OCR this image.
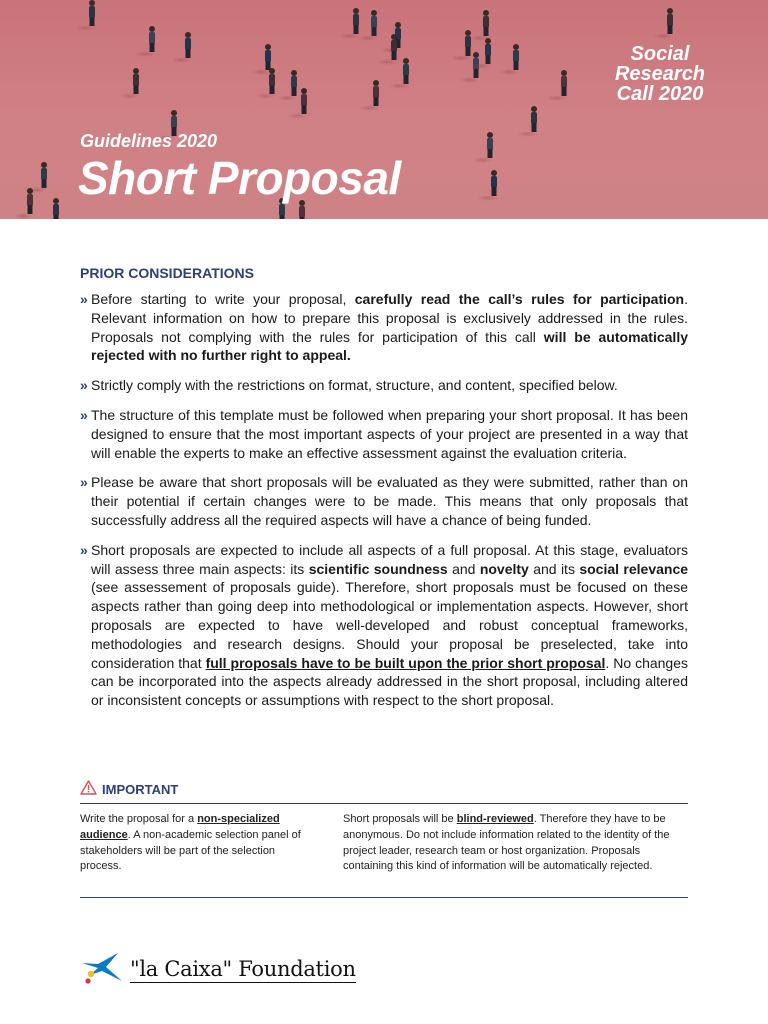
Social
Research
Call 2020
Guidelines 2020
Short Proposal
PRIOR CONSIDERATIONS
» Before starting to write your proposal, carefully read the call’s rules for participation. Relevant information on how to prepare this proposal is exclusively addressed in the rules. Proposals not complying with the rules for participation of this call will be automatically rejected with no further right to appeal.
» Strictly comply with the restrictions on format, structure, and content, specified below.
» The structure of this template must be followed when preparing your short proposal. It has been designed to ensure that the most important aspects of your project are presented in a way that will enable the experts to make an effective assessment against the evaluation criteria.
» Please be aware that short proposals will be evaluated as they were submitted, rather than on their potential if certain changes were to be made. This means that only proposals that successfully address all the required aspects will have a chance of being funded.
» Short proposals are expected to include all aspects of a full proposal. At this stage, evaluators will assess three main aspects: its scientific soundness and novelty and its social relevance (see assessement of proposals guide). Therefore, short proposals must be focused on these aspects rather than going deep into methodological or implementation aspects. However, short proposals are expected to have well-developed and robust conceptual frameworks, methodologies and research designs. Should your proposal be preselected, take into consideration that full proposals have to be built upon the prior short proposal. No changes can be incorporated into the aspects already addressed in the short proposal, including altered or inconsistent concepts or assumptions with respect to the short proposal.
IMPORTANT
Write the proposal for a non-specialized audience. A non-academic selection panel of stakeholders will be part of the selection process.
Short proposals will be blind-reviewed. Therefore they have to be anonymous. Do not include information related to the identity of the project leader, research team or host organization. Proposals containing this kind of information will be automatically rejected.
"la Caixa" Foundation
